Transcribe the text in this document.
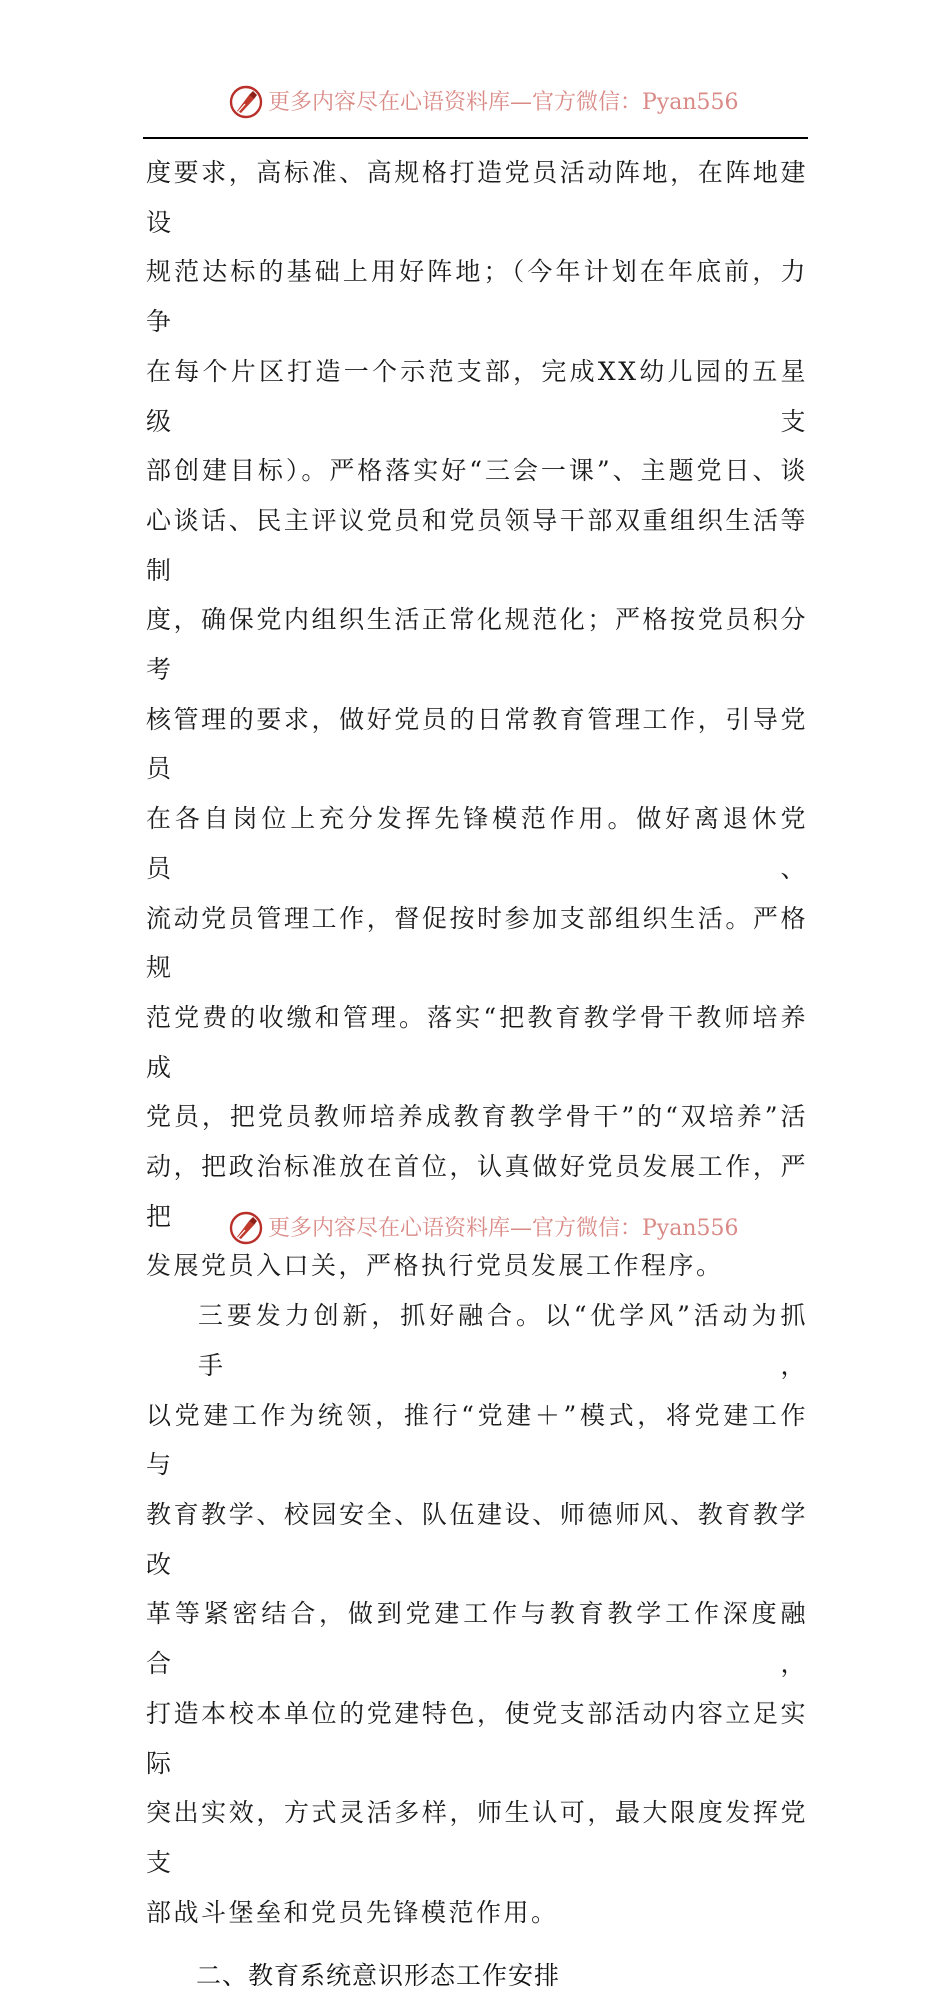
更多内容尽在心语资料库—官方微信：Pyan556

度要求，高标准、高规格打造党员活动阵地，在阵地建设
规范达标的基础上用好阵地；（今年计划在年底前，力争
在每个片区打造一个示范支部，完成XX幼儿园的五星级支
部创建目标）。严格落实好“三会一课”、主题党日、谈
心谈话、民主评议党员和党员领导干部双重组织生活等制
度，确保党内组织生活正常化规范化；严格按党员积分考
核管理的要求，做好党员的日常教育管理工作，引导党员
在各自岗位上充分发挥先锋模范作用。做好离退休党员、
流动党员管理工作，督促按时参加支部组织生活。严格规
范党费的收缴和管理。落实“把教育教学骨干教师培养成
党员，把党员教师培养成教育教学骨干”的“双培养”活
动，把政治标准放在首位，认真做好党员发展工作，严把
发展党员入口关，严格执行党员发展工作程序。

三要发力创新，抓好融合。以“优学风”活动为抓手，
以党建工作为统领，推行“党建＋”模式，将党建工作与
教育教学、校园安全、队伍建设、师德师风、教育教学改
革等紧密结合，做到党建工作与教育教学工作深度融合，
打造本校本单位的党建特色，使党支部活动内容立足实际
突出实效，方式灵活多样，师生认可，最大限度发挥党支
部战斗堡垒和党员先锋模范作用。

二、教育系统意识形态工作安排
更多内容尽在心语资料库—官方微信：Pyan556
